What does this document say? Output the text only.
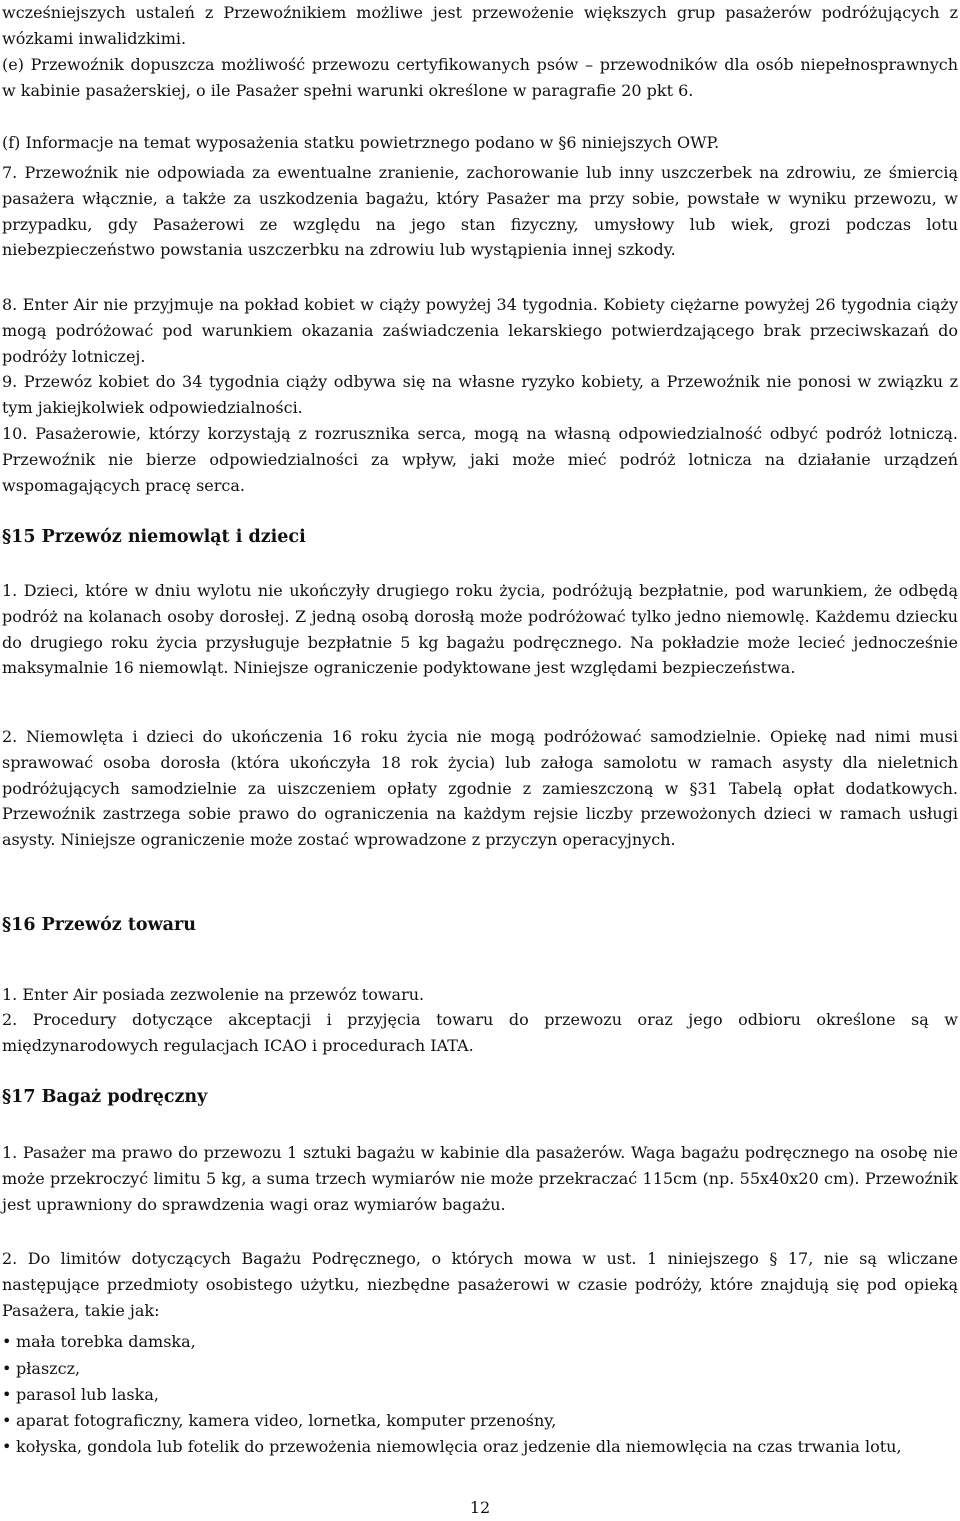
wcześniejszych ustaleń z Przewoźnikiem możliwe jest przewożenie większych grup pasażerów podróżujących z wózkami inwalidzkimi.

(e) Przewoźnik dopuszcza możliwość przewozu certyfikowanych psów – przewodników dla osób niepełnosprawnych w kabinie pasażerskiej, o ile Pasażer spełni warunki określone w paragrafie 20 pkt 6.

(f) Informacje na temat wyposażenia statku powietrznego podano w §6 niniejszych OWP.

7. Przewoźnik nie odpowiada za ewentualne zranienie, zachorowanie lub inny uszczerbek na zdrowiu, ze śmiercią pasażera włącznie, a także za uszkodzenia bagażu, który Pasażer ma przy sobie, powstałe w wyniku przewozu, w przypadku, gdy Pasażerowi ze względu na jego stan fizyczny, umysłowy lub wiek, grozi podczas lotu niebezpieczeństwo powstania uszczerbku na zdrowiu lub wystąpienia innej szkody.

8. Enter Air nie przyjmuje na pokład kobiet w ciąży powyżej 34 tygodnia. Kobiety ciężarne powyżej 26 tygodnia ciąży mogą podróżować pod warunkiem okazania zaświadczenia lekarskiego potwierdzającego brak przeciwskazań do podróży lotniczej.

9. Przewóz kobiet do 34 tygodnia ciąży odbywa się na własne ryzyko kobiety, a Przewoźnik nie ponosi w związku z tym jakiejkolwiek odpowiedzialności.

10. Pasażerowie, którzy korzystają z rozrusznika serca, mogą na własną odpowiedzialność odbyć podróż lotniczą. Przewoźnik nie bierze odpowiedzialności za wpływ, jaki może mieć podróż lotnicza na działanie urządzeń wspomagających pracę serca.

§15 Przewóz niemowląt i dzieci

1. Dzieci, które w dniu wylotu nie ukończyły drugiego roku życia, podróżują bezpłatnie, pod warunkiem, że odbędą podróż na kolanach osoby dorosłej. Z jedną osobą dorosłą może podróżować tylko jedno niemowlę. Każdemu dziecku do drugiego roku życia przysługuje bezpłatnie 5 kg bagażu podręcznego. Na pokładzie może lecieć jednocześnie maksymalnie 16 niemowląt. Niniejsze ograniczenie podyktowane jest względami bezpieczeństwa.

2. Niemowlęta i dzieci do ukończenia 16 roku życia nie mogą podróżować samodzielnie. Opiekę nad nimi musi sprawować osoba dorosła (która ukończyła 18 rok życia) lub załoga samolotu w ramach asysty dla nieletnich podróżujących samodzielnie za uiszczeniem opłaty zgodnie z zamieszczoną w §31 Tabelą opłat dodatkowych. Przewoźnik zastrzega sobie prawo do ograniczenia na każdym rejsie liczby przewożonych dzieci w ramach usługi asysty. Niniejsze ograniczenie może zostać wprowadzone z przyczyn operacyjnych.

§16 Przewóz towaru

1. Enter Air posiada zezwolenie na przewóz towaru.

2. Procedury dotyczące akceptacji i przyjęcia towaru do przewozu oraz jego odbioru określone są w międzynarodowych regulacjach ICAO i procedurach IATA.

§17 Bagaż podręczny

1. Pasażer ma prawo do przewozu 1 sztuki bagażu w kabinie dla pasażerów. Waga bagażu podręcznego na osobę nie może przekroczyć limitu 5 kg, a suma trzech wymiarów nie może przekraczać 115cm (np. 55x40x20 cm). Przewoźnik jest uprawniony do sprawdzenia wagi oraz wymiarów bagażu.

2. Do limitów dotyczących Bagażu Podręcznego, o których mowa w ust. 1 niniejszego § 17, nie są wliczane następujące przedmioty osobistego użytku, niezbędne pasażerowi w czasie podróży, które znajdują się pod opieką Pasażera, takie jak:

• mała torebka damska,

• płaszcz,

• parasol lub laska,

• aparat fotograficzny, kamera video, lornetka, komputer przenośny,

• kołyska, gondola lub fotelik do przewożenia niemowlęcia oraz jedzenie dla niemowlęcia na czas trwania lotu,

12
